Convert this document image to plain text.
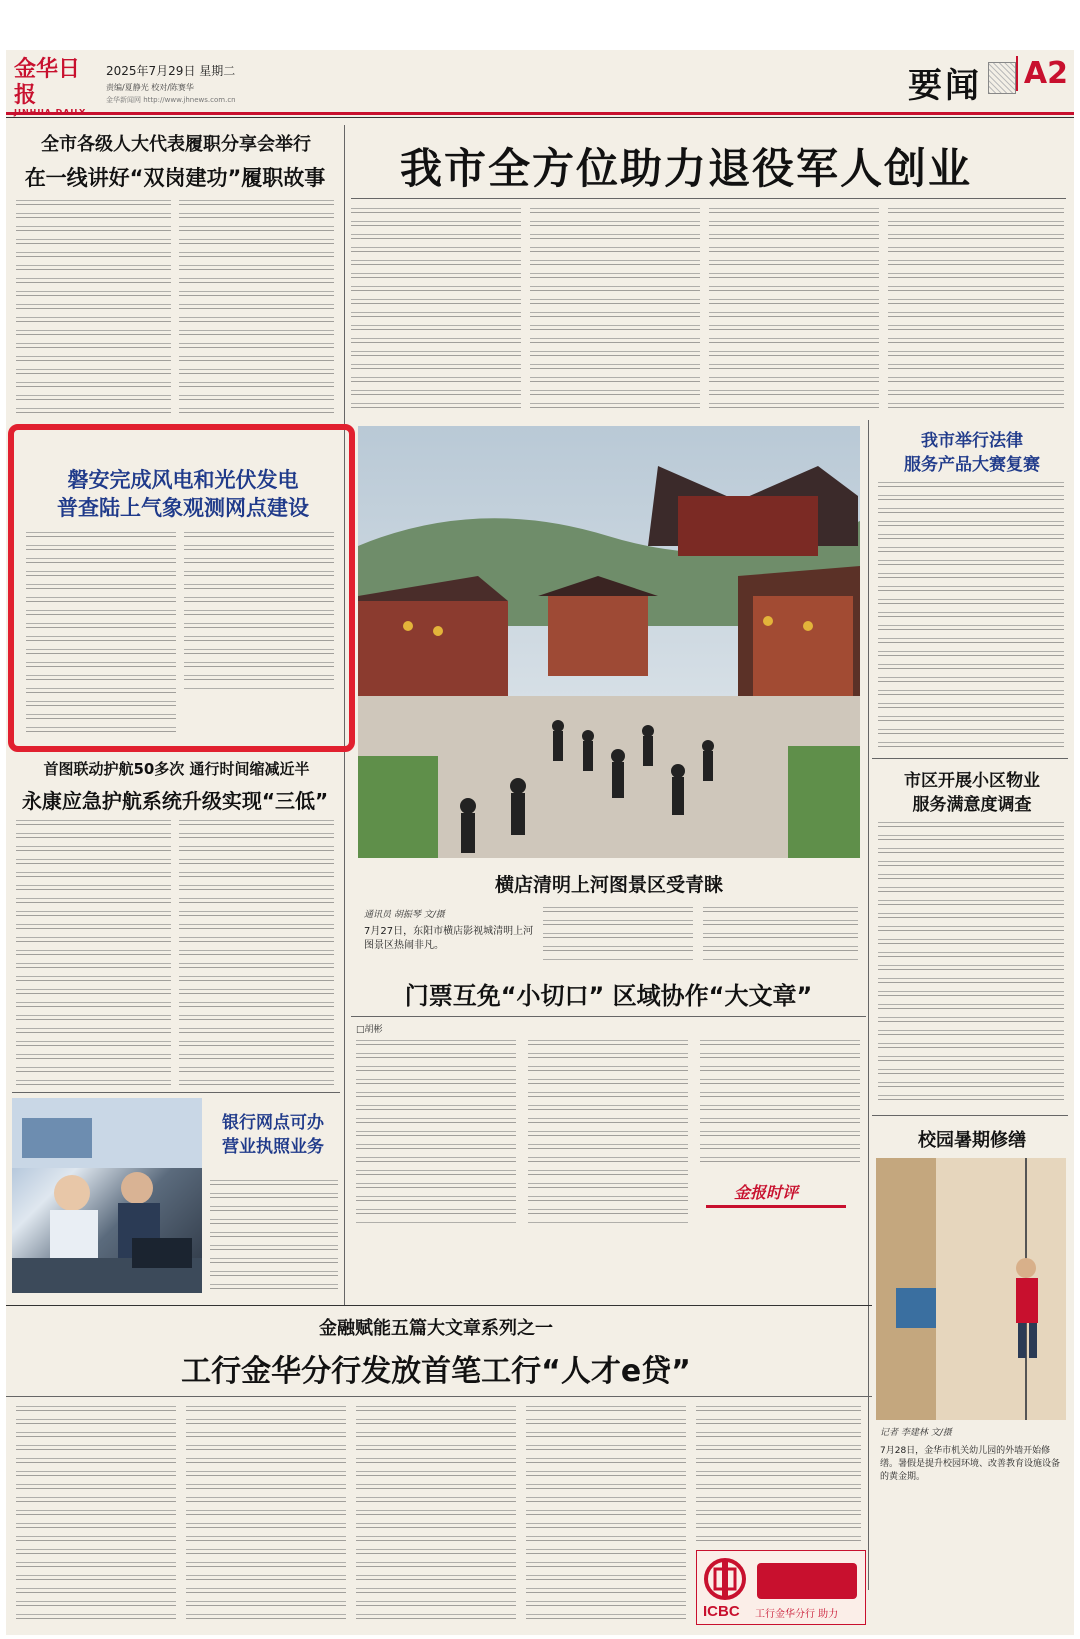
金华日报
2025年7月29日 星期二
责编/夏静光 校对/陈赛华
金华新闻网 http://www.jhnews.com.cn	要闻 A2
全市各级人大代表履职分享会举行
在一线讲好“双岗建功”履职故事	我市全方位助力退役军人创业

磐安完成风电和光伏发电
普查陆上气象观测网点建设

首图联动护航50多次 通行时间缩减近半
永康应急护航系统升级实现“三低”

银行网点可办
营业执照业务

横店清明上河图景区受青睐
通讯员 胡振琴 文/摄
7月27日，东阳市横店影视城清明上河图景区热闹非凡。

我市举行法律
服务产品大赛复赛

市区开展小区物业
服务满意度调查

校园暑期修缮
记者 李建林 文/摄
7月28日，金华市机关幼儿园的外墙开始修缮。暑假是提升校园环境、改善教育设施设备的黄金期。
门票互免“小切口” 区域协作“大文章”
□胡彬

金报时评
金融赋能五篇大文章系列之一
工行金华分行发放首笔工行“人才e贷”

ICBC 工行金华分行 助力
